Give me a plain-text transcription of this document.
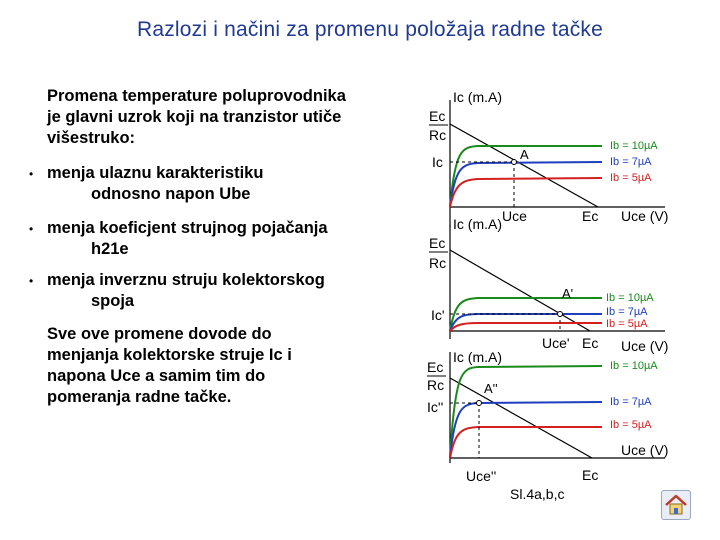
Razlozi i načini za promenu položaja radne tačke
Promena temperature poluprovodnika
je glavni uzrok koji na tranzistor utiče
višestruko:
• menja ulaznu karakteristiku
odnosno napon Ube
• menja koeficjent strujnog pojačanja
h21e
• menja inverznu struju kolektorskog
spoja
Sve ove promene dovode do
menjanja kolektorske struje Ic i
napona Uce a samim tim do
pomeranja radne tačke.
Ic (m.A)
Ec
Rc
Ic	A
Uce	Ec Uce (V)
Ib = 10µA
Ib = 7µA
Ib = 5µA
Ic (m.A)
Ec
Rc
Ic'
A'
Uce' Ec Uce (V)
Ib = 10µA
Ib = 7µA
Ib = 5µA
Ic (m.A)
Ec
Rc
Ic''
A''
Uce''	Ec
Uce (V)
Ib = 10µA
Ib = 7µA
Ib = 5µA
Sl.4a,b,c
